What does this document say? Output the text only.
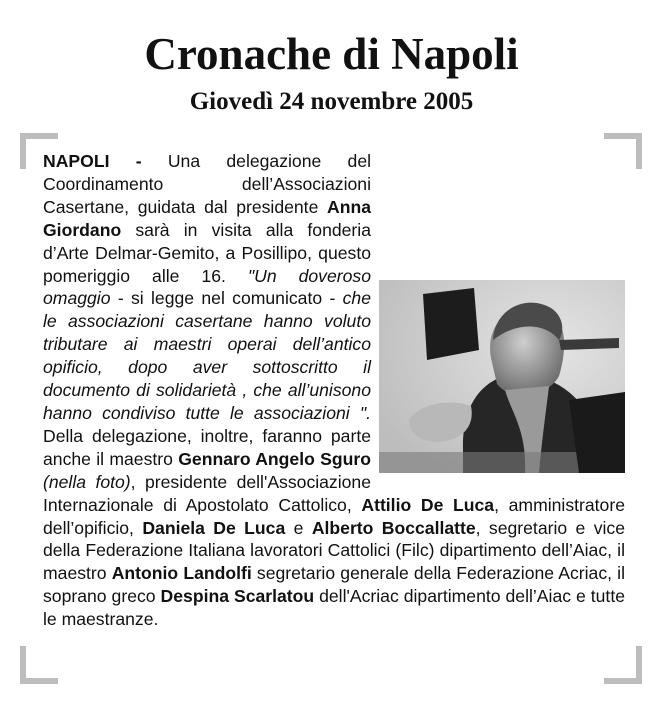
Cronache di Napoli
Giovedì 24 novembre 2005

NAPOLI - Una delegazione del Coordinamento dell’Associazioni Casertane, guidata dal presidente Anna Giordano sarà in visita alla fonderia d’Arte Delmar-Gemito, a Posillipo, questo pomeriggio alle 16. "Un doveroso omaggio - si legge nel comunicato - che le associazioni casertane hanno voluto tributare ai maestri operai dell’antico opificio, dopo aver sottoscritto il documento di solidarietà , che all’unisono hanno condiviso tutte le associazioni ". Della delegazione, inoltre, faranno parte anche il maestro Gennaro Angelo Sguro (nella foto), presidente dell'Associazione Internazionale di Apostolato Cattolico, Attilio De Luca, amministratore dell’opificio, Daniela De Luca e Alberto Boccallatte, segretario e vice della Federazione Italiana lavoratori Cattolici (Filc) dipartimento dell’Aiac, il maestro Antonio Landolfi segretario generale della Federazione Acriac, il soprano greco Despina Scarlatou dell'Acriac dipartimento dell’Aiac e tutte le maestranze.
